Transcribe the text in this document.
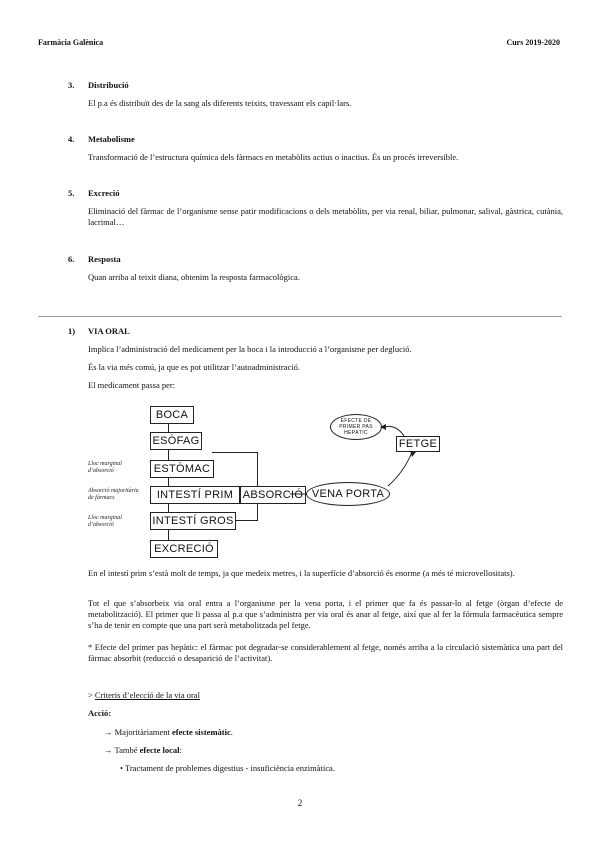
Farmàcia Galènica	Curs 2019-2020
3. Distribució
El p.a és distribuït des de la sang als diferents teixits, travessant els capil·lars.
4. Metabolisme
Transformació de l’estructura química dels fàrmacs en metabòlits actius o inactius. És un procés irreversible.
5. Excreció
Eliminació del fàrmac de l’organisme sense patir modificacions o dels metabòlits, per via renal, biliar, pulmonar, salival, gàstrica, cutània, lacrimal…
6. Resposta
Quan arriba al teixit diana, obtenim la resposta farmacològica.
1) VIA ORAL
Implica l’administració del medicament per la boca i la introducció a l’organisme per deglució.
És la via més comú, ja que es pot utilitzar l’autoadministració.
El medicament passa per:
BOCA
ESÒFAG
ESTÒMAC
INTESTÍ PRIM
INTESTÍ GROS
EXCRECIÓ
ABSORCIÓ VENA PORTA
FETGE
EFECTE DE PRIMER PAS HEPÀTIC
Lloc marginal d’absorció
Absorció majoritària de fàrmacs
Lloc marginal d’absorció
En el intestí prim s’està molt de temps, ja que medeix metres, i la superfície d’absorció és enorme (a més té microvellositats).
Tot el que s’absorbeix via oral entra a l’organisme per la vena porta, i el primer que fa és passar-lo al fetge (òrgan d’efecte de metabolització). El primer que li passa al p.a que s’administra per via oral és anar al fetge, així que al fer la fórmula farmacèutica sempre s’ha de tenir en compte que una part serà metabolitzada pel fetge.
* Efecte del primer pas hepàtic: el fàrmac pot degradar-se considerablement al fetge, només arriba a la circulació sistemàtica una part del fàrmac absorbit (reducció o desaparició de l’activitat).
> Criteris d’elecció de la via oral
Acció:
→ Majoritàriament efecte sistemàtic.
→ També efecte local:
• Tractament de problemes digestius - insuficiència enzimàtica.
2
